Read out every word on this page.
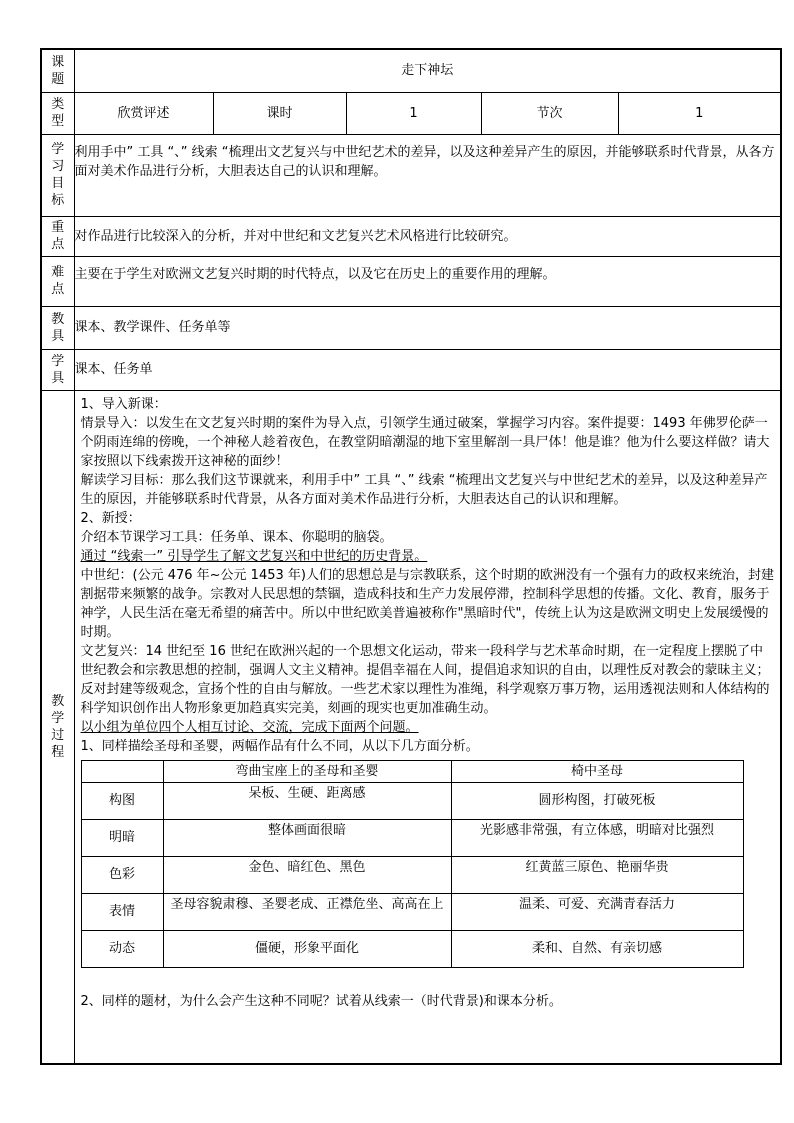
课
题
	走下神坛

类
型
	欣赏评述	课时	1	节次	1

学
习
目
标
	利用手中” 工具 “、” 线索 “梳理出文艺复兴与中世纪艺术的差异，以及这种差异产生的原因，并能够联系时代背景，从各方面对美术作品进行分析，大胆表达自己的认识和理解。

重
点
	对作品进行比较深入的分析，并对中世纪和文艺复兴艺术风格进行比较研究。

难
点
	主要在于学生对欧洲文艺复兴时期的时代特点，以及它在历史上的重要作用的理解。

教
具
	课本、教学课件、任务单等

学
具
	课本、任务单

教
学
过
程

1、导入新课：

情景导入：以发生在文艺复兴时期的案件为导入点，引领学生通过破案，掌握学习内容。案件提要：1493 年佛罗伦萨一个阴雨连绵的傍晚，一个神秘人趁着夜色，在教堂阴暗潮湿的地下室里解剖一具尸体！他是谁？他为什么要这样做？请大家按照以下线索拨开这神秘的面纱！

解读学习目标：那么我们这节课就来，利用手中” 工具 “、” 线索 “梳理出文艺复兴与中世纪艺术的差异，以及这种差异产生的原因，并能够联系时代背景，从各方面对美术作品进行分析，大胆表达自己的认识和理解。

2、新授：

介绍本节课学习工具：任务单、课本、你聪明的脑袋。

通过 “线索一” 引导学生了解文艺复兴和中世纪的历史背景。

中世纪：(公元 476 年~公元 1453 年)人们的思想总是与宗教联系，这个时期的欧洲没有一个强有力的政权来统治，封建割据带来频繁的战争。宗教对人民思想的禁锢，造成科技和生产力发展停滞，控制科学思想的传播。文化、教育，服务于神学，人民生活在毫无希望的痛苦中。所以中世纪欧美普遍被称作"黑暗时代"，传统上认为这是欧洲文明史上发展缓慢的时期。

文艺复兴：14 世纪至 16 世纪在欧洲兴起的一个思想文化运动，带来一段科学与艺术革命时期，在一定程度上摆脱了中世纪教会和宗教思想的控制，强调人文主义精神。提倡幸福在人间，提倡追求知识的自由，以理性反对教会的蒙昧主义；反对封建等级观念，宣扬个性的自由与解放。一些艺术家以理性为准绳，科学观察万事万物，运用透视法则和人体结构的科学知识创作出人物形象更加趋真实完美，刻画的现实也更加准确生动。

以小组为单位四个人相互讨论、交流，完成下面两个问题。

1、同样描绘圣母和圣婴，两幅作品有什么不同，从以下几方面分析。

	弯曲宝座上的圣母和圣婴	椅中圣母
构图	呆板、生硬、距离感	圆形构图，打破死板
明暗	整体画面很暗	光影感非常强，有立体感，明暗对比强烈
色彩	金色、暗红色、黑色	红黄蓝三原色、艳丽华贵
表情	圣母容貌肃穆、圣婴老成、正襟危坐、高高在上	温柔、可爱、充满青春活力
动态	僵硬，形象平面化	柔和、自然、有亲切感

2、同样的题材，为什么会产生这种不同呢？试着从线索一（时代背景)和课本分析。
